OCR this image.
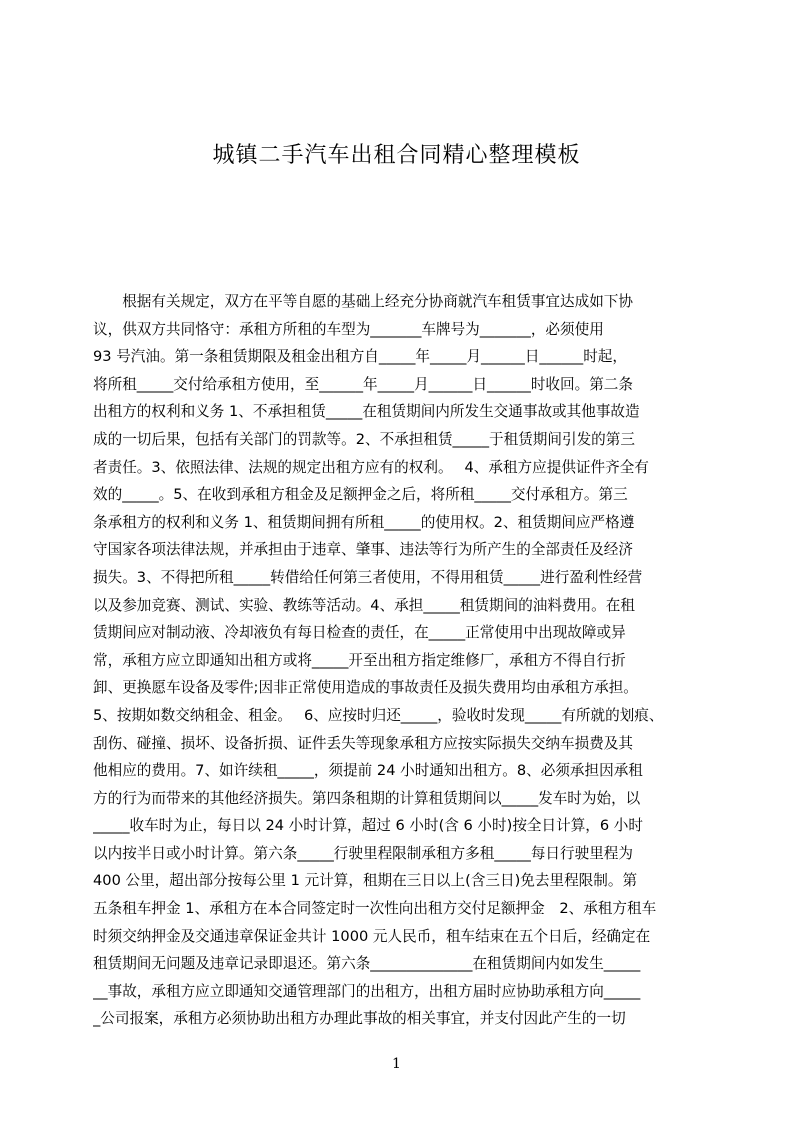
城镇二手汽车出租合同精心整理模板
　　根据有关规定，双方在平等自愿的基础上经充分协商就汽车租赁事宜达成如下协
议，供双方共同恪守：承租方所租的车型为_______车牌号为_______，必须使用
93 号汽油。第一条租赁期限及租金出租方自_____年_____月______日______时起，
将所租_____交付给承租方使用，至______年_____月______日______时收回。第二条
出租方的权利和义务 1、不承担租赁_____在租赁期间内所发生交通事故或其他事故造
成的一切后果，包括有关部门的罚款等。2、不承担租赁_____于租赁期间引发的第三
者责任。3、依照法律、法规的规定出租方应有的权利。　 4、承租方应提供证件齐全有
效的_____。5、在收到承租方租金及足额押金之后，将所租_____交付承租方。第三
条承租方的权利和义务 1、租赁期间拥有所租_____的使用权。2、租赁期间应严格遵
守国家各项法律法规，并承担由于违章、肇事、违法等行为所产生的全部责任及经济
损失。3、不得把所租_____转借给任何第三者使用，不得用租赁_____进行盈利性经营
以及参加竞赛、测试、实验、教练等活动。4、承担_____租赁期间的油料费用。在租
赁期间应对制动液、冷却液负有每日检查的责任，在_____正常使用中出现故障或异
常，承租方应立即通知出租方或将_____开至出租方指定维修厂，承租方不得自行折
卸、更换愿车设备及零件;因非正常使用造成的事故责任及损失费用均由承租方承担。
5、按期如数交纳租金、租金。　 6、应按时归还_____，验收时发现_____有所就的划痕、
刮伤、碰撞、损坏、设备折损、证件丢失等现象承租方应按实际损失交纳车损费及其
他相应的费用。7、如许续租_____，须提前 24 小时通知出租方。8、必须承担因承租
方的行为而带来的其他经济损失。第四条租期的计算租赁期间以_____发车时为始，以
_____收车时为止，每日以 24 小时计算，超过 6 小时(含 6 小时)按全日计算，6 小时
以内按半日或小时计算。第六条_____行驶里程限制承租方多租_____每日行驶里程为
400 公里，超出部分按每公里 1 元计算，租期在三日以上(含三日)免去里程限制。第
五条租车押金 1、承租方在本合同签定时一次性向出租方交付足额押金　2、承租方租车
时须交纳押金及交通违章保证金共计 1000 元人民币，租车结束在五个日后，经确定在
租赁期间无问题及违章记录即退还。第六条______________在租赁期间内如发生_____
__事故，承租方应立即通知交通管理部门的出租方，出租方届时应协助承租方向_____
_公司报案，承租方必须协助出租方办理此事故的相关事宜，并支付因此产生的一切
1
